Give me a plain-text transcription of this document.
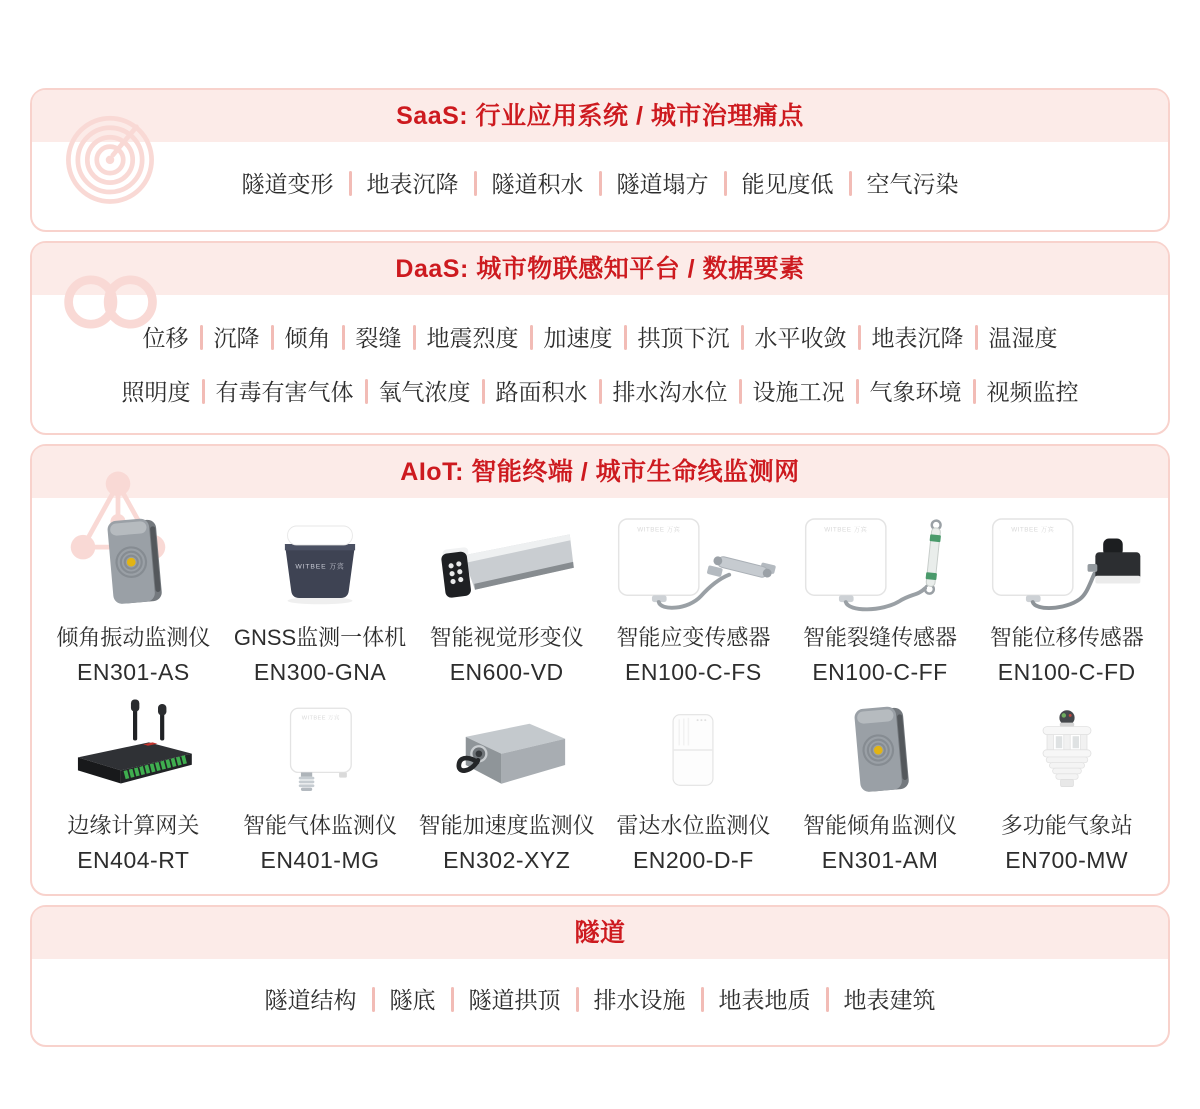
SaaS: 行业应用系统 / 城市治理痛点
隧道变形 地表沉降 隧道积水 隧道塌方 能见度低 空气污染
DaaS: 城市物联感知平台 / 数据要素
位移 沉降 倾角 裂缝 地震烈度 加速度 拱顶下沉 水平收敛 地表沉降 温湿度
照明度 有毒有害气体 氧气浓度 路面积水 排水沟水位 设施工况 气象环境 视频监控
AIoT: 智能终端 / 城市生命线监测网
倾角振动监测仪
EN301-AS
WITBEE 万宾
GNSS监测一体机
EN300-GNA
智能视觉形变仪
EN600-VD
WITBEE 万宾
智能应变传感器
EN100-C-FS
WITBEE 万宾
智能裂缝传感器
EN100-C-FF
WITBEE 万宾
智能位移传感器
EN100-C-FD
边缘计算网关
EN404-RT
WITBEE 万宾
智能气体监测仪
EN401-MG
智能加速度监测仪
EN302-XYZ
雷达水位监测仪
EN200-D-F
智能倾角监测仪
EN301-AM
多功能气象站
EN700-MW
隧道
隧道结构 隧底 隧道拱顶 排水设施 地表地质 地表建筑
